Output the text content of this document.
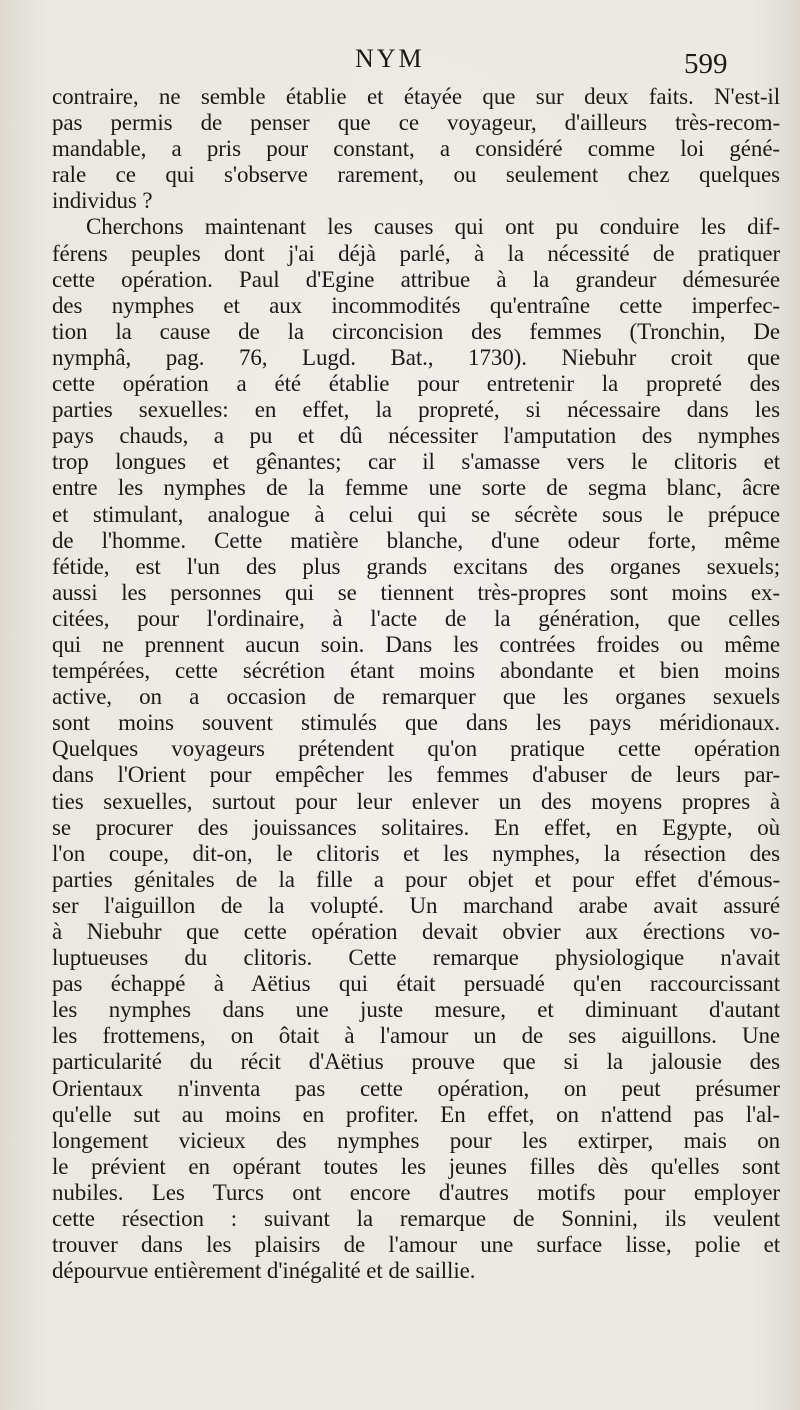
NYM	599
contraire, ne semble établie et étayée que sur deux faits. N'est-il
pas permis de penser que ce voyageur, d'ailleurs très-recom-
mandable, a pris pour constant, a considéré comme loi géné-
rale ce qui s'observe rarement, ou seulement chez quelques
individus ?
Cherchons maintenant les causes qui ont pu conduire les dif-
férens peuples dont j'ai déjà parlé, à la nécessité de pratiquer
cette opération. Paul d'Egine attribue à la grandeur démesurée
des nymphes et aux incommodités qu'entraîne cette imperfec-
tion la cause de la circoncision des femmes (Tronchin, De
nymphâ, pag. 76, Lugd. Bat., 1730). Niebuhr croit que
cette opération a été établie pour entretenir la propreté des
parties sexuelles: en effet, la propreté, si nécessaire dans les
pays chauds, a pu et dû nécessiter l'amputation des nymphes
trop longues et gênantes; car il s'amasse vers le clitoris et
entre les nymphes de la femme une sorte de segma blanc, âcre
et stimulant, analogue à celui qui se sécrète sous le prépuce
de l'homme. Cette matière blanche, d'une odeur forte, même
fétide, est l'un des plus grands excitans des organes sexuels;
aussi les personnes qui se tiennent très-propres sont moins ex-
citées, pour l'ordinaire, à l'acte de la génération, que celles
qui ne prennent aucun soin. Dans les contrées froides ou même
tempérées, cette sécrétion étant moins abondante et bien moins
active, on a occasion de remarquer que les organes sexuels
sont moins souvent stimulés que dans les pays méridionaux.
Quelques voyageurs prétendent qu'on pratique cette opération
dans l'Orient pour empêcher les femmes d'abuser de leurs par-
ties sexuelles, surtout pour leur enlever un des moyens propres à
se procurer des jouissances solitaires. En effet, en Egypte, où
l'on coupe, dit-on, le clitoris et les nymphes, la résection des
parties génitales de la fille a pour objet et pour effet d'émous-
ser l'aiguillon de la volupté. Un marchand arabe avait assuré
à Niebuhr que cette opération devait obvier aux érections vo-
luptueuses du clitoris. Cette remarque physiologique n'avait
pas échappé à Aëtius qui était persuadé qu'en raccourcissant
les nymphes dans une juste mesure, et diminuant d'autant
les frottemens, on ôtait à l'amour un de ses aiguillons. Une
particularité du récit d'Aëtius prouve que si la jalousie des
Orientaux n'inventa pas cette opération, on peut présumer
qu'elle sut au moins en profiter. En effet, on n'attend pas l'al-
longement vicieux des nymphes pour les extirper, mais on
le prévient en opérant toutes les jeunes filles dès qu'elles sont
nubiles. Les Turcs ont encore d'autres motifs pour employer
cette résection : suivant la remarque de Sonnini, ils veulent
trouver dans les plaisirs de l'amour une surface lisse, polie et
dépourvue entièrement d'inégalité et de saillie.
